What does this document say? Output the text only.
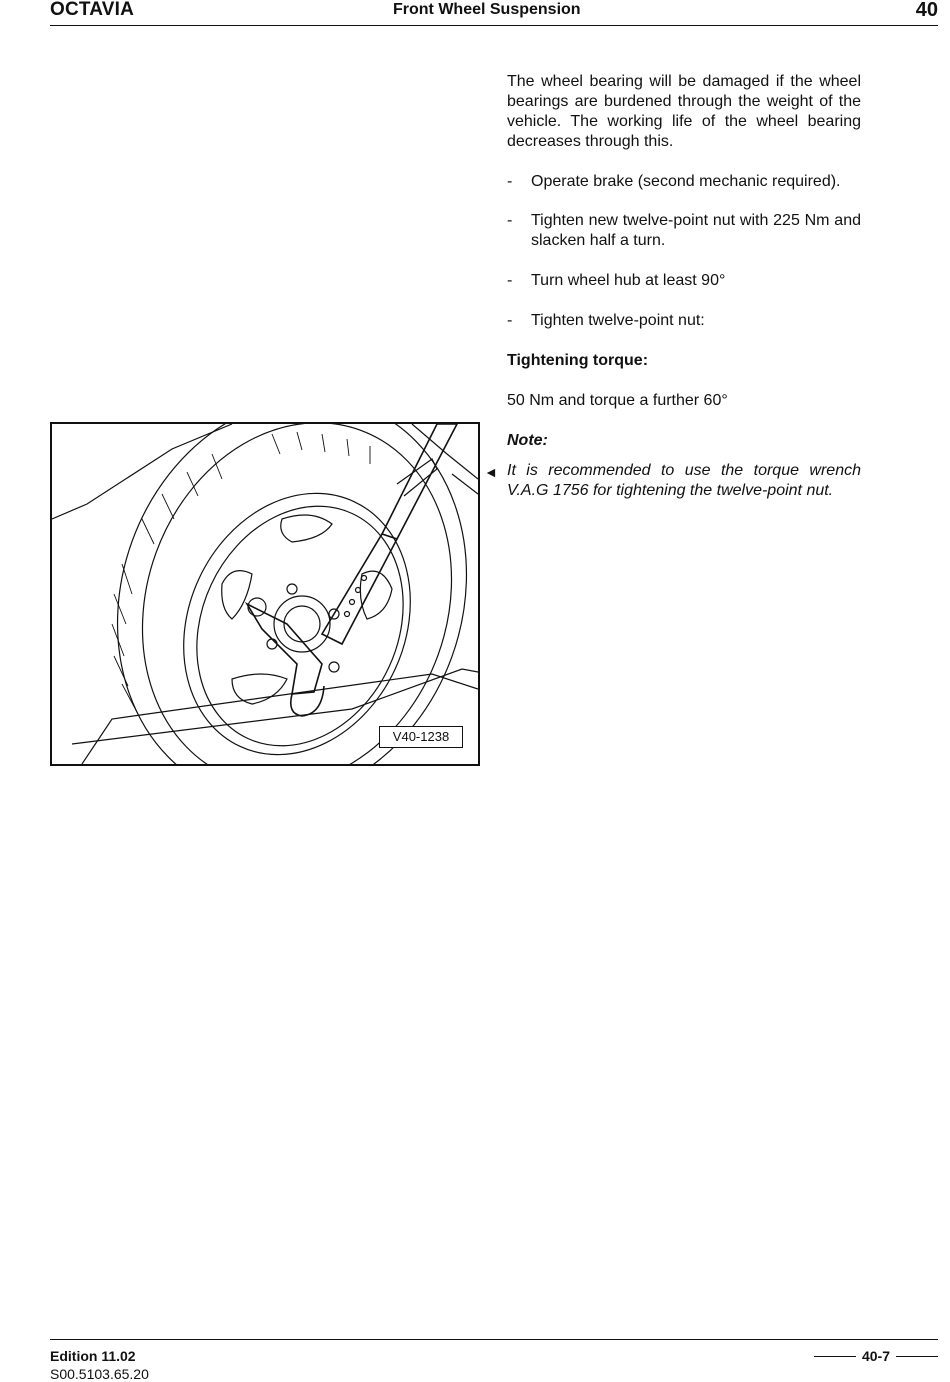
OCTAVIA	Front Wheel Suspension	40
The wheel bearing will be damaged if the wheel bearings are burdened through the weight of the vehicle. The working life of the wheel bearing decreases through this.
- Operate brake (second mechanic required).
- Tighten new twelve-point nut with 225 Nm and slacken half a turn.
- Turn wheel hub at least 90°
- Tighten twelve-point nut:
Tightening torque:
50 Nm and torque a further 60°
Note:
◄ It is recommended to use the torque wrench V.A.G 1756 for tightening the twelve-point nut.
V40-1238
Edition 11.02
S00.5103.65.20
40-7
